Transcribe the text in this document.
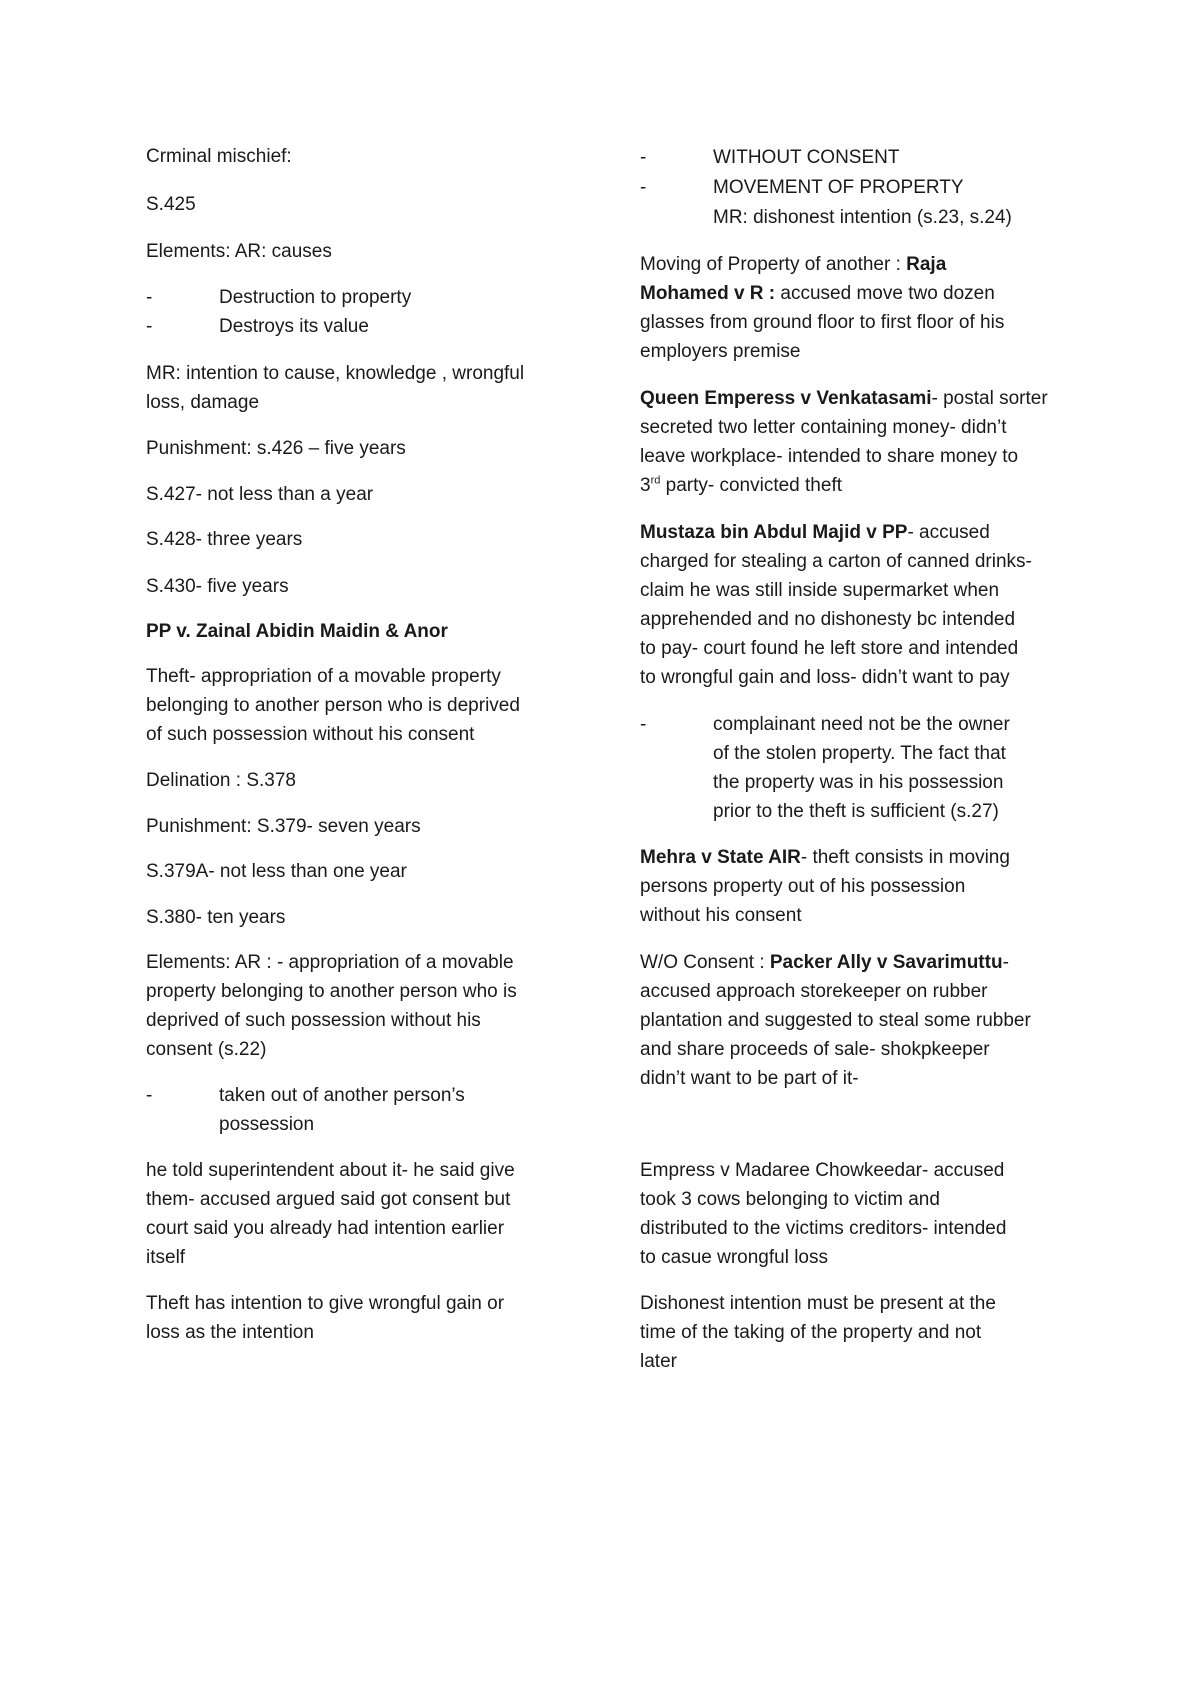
Crminal mischief:
S.425
Elements: AR: causes
-	Destruction to property
-	Destroys its value
MR: intention to cause, knowledge , wrongful
loss, damage
Punishment: s.426 – five years
S.427- not less than a year
S.428- three years
S.430- five years
PP v. Zainal Abidin Maidin & Anor
Theft- appropriation of a movable property
belonging to another person who is deprived
of such possession without his consent
Delination : S.378
Punishment: S.379- seven years
S.379A- not less than one year
S.380- ten years
Elements: AR : - appropriation of a movable
property belonging to another person who is
deprived of such possession without his
consent (s.22)
-	taken out of another person’s
possession
he told superintendent about it- he said give
them- accused argued said got consent but
court said you already had intention earlier
itself
Theft has intention to give wrongful gain or
loss as the intention
-	WITHOUT CONSENT
-	MOVEMENT OF PROPERTY
MR: dishonest intention (s.23, s.24)
Moving of Property of another : Raja
Mohamed v R : accused move two dozen
glasses from ground floor to first floor of his
employers premise
Queen Emperess v Venkatasami- postal sorter
secreted two letter containing money- didn’t
leave workplace- intended to share money to
3rd party- convicted theft
Mustaza bin Abdul Majid v PP- accused
charged for stealing a carton of canned drinks-
claim he was still inside supermarket when
apprehended and no dishonesty bc intended
to pay- court found he left store and intended
to wrongful gain and loss- didn’t want to pay
-	complainant need not be the owner
of the stolen property. The fact that
the property was in his possession
prior to the theft is sufficient (s.27)
Mehra v State AIR- theft consists in moving
persons property out of his possession
without his consent
W/O Consent : Packer Ally v Savarimuttu-
accused approach storekeeper on rubber
plantation and suggested to steal some rubber
and share proceeds of sale- shokpkeeper
didn’t want to be part of it-
Empress v Madaree Chowkeedar- accused
took 3 cows belonging to victim and
distributed to the victims creditors- intended
to casue wrongful loss
Dishonest intention must be present at the
time of the taking of the property and not
later
